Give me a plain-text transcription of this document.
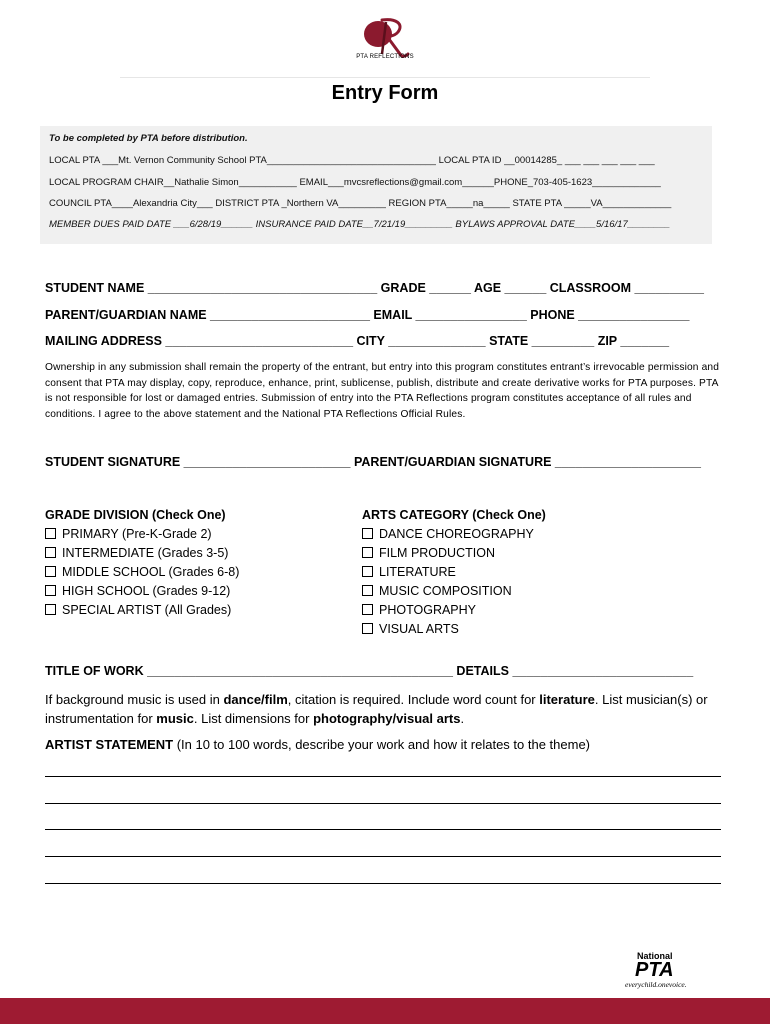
PTA REFLECTIONS
Entry Form
To be completed by PTA before distribution.
LOCAL PTA ___Mt. Vernon Community School PTA________________________________ LOCAL PTA ID __00014285_ ___ ___ ___ ___ ___
LOCAL PROGRAM CHAIR__Nathalie Simon___________ EMAIL___mvcsreflections@gmail.com______PHONE_703-405-1623_____________
COUNCIL PTA____Alexandria City___ DISTRICT PTA _Northern VA_________ REGION PTA_____na_____ STATE PTA _____VA_____________
MEMBER DUES PAID DATE ___6/28/19______ INSURANCE PAID DATE__7/21/19_________ BYLAWS APPROVAL DATE____5/16/17________
STUDENT NAME _________________________________ GRADE ______ AGE ______ CLASSROOM __________
PARENT/GUARDIAN NAME _______________________ EMAIL ________________ PHONE ________________
MAILING ADDRESS ___________________________ CITY ______________ STATE _________ ZIP _______
Ownership in any submission shall remain the property of the entrant, but entry into this program constitutes entrant’s irrevocable permission and consent that PTA may display, copy, reproduce, enhance, print, sublicense, publish, distribute and create derivative works for PTA purposes. PTA is not responsible for lost or damaged entries. Submission of entry into the PTA Reflections program constitutes acceptance of all rules and conditions. I agree to the above statement and the National PTA Reflections Official Rules.
STUDENT SIGNATURE ________________________ PARENT/GUARDIAN SIGNATURE _____________________
GRADE DIVISION (Check One)
PRIMARY (Pre-K-Grade 2)
INTERMEDIATE (Grades 3-5)
MIDDLE SCHOOL (Grades 6-8)
HIGH SCHOOL (Grades 9-12)
SPECIAL ARTIST (All Grades)
ARTS CATEGORY (Check One)
DANCE CHOREOGRAPHY
FILM PRODUCTION
LITERATURE
MUSIC COMPOSITION
PHOTOGRAPHY
VISUAL ARTS
TITLE OF WORK ____________________________________________ DETAILS __________________________
If background music is used in dance/film, citation is required. Include word count for literature. List musician(s) or instrumentation for music. List dimensions for photography/visual arts.
ARTIST STATEMENT (In 10 to 100 words, describe your work and how it relates to the theme)
National
PTA
everychild.onevoice.
